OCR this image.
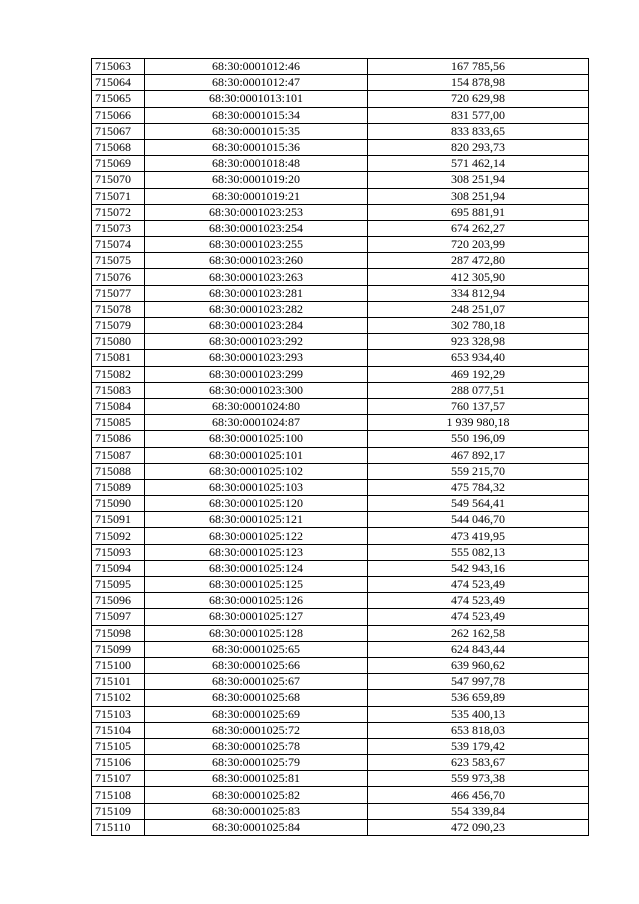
715063	68:30:0001012:46	167 785,56
715064	68:30:0001012:47	154 878,98
715065	68:30:0001013:101	720 629,98
715066	68:30:0001015:34	831 577,00
715067	68:30:0001015:35	833 833,65
715068	68:30:0001015:36	820 293,73
715069	68:30:0001018:48	571 462,14
715070	68:30:0001019:20	308 251,94
715071	68:30:0001019:21	308 251,94
715072	68:30:0001023:253	695 881,91
715073	68:30:0001023:254	674 262,27
715074	68:30:0001023:255	720 203,99
715075	68:30:0001023:260	287 472,80
715076	68:30:0001023:263	412 305,90
715077	68:30:0001023:281	334 812,94
715078	68:30:0001023:282	248 251,07
715079	68:30:0001023:284	302 780,18
715080	68:30:0001023:292	923 328,98
715081	68:30:0001023:293	653 934,40
715082	68:30:0001023:299	469 192,29
715083	68:30:0001023:300	288 077,51
715084	68:30:0001024:80	760 137,57
715085	68:30:0001024:87	1 939 980,18
715086	68:30:0001025:100	550 196,09
715087	68:30:0001025:101	467 892,17
715088	68:30:0001025:102	559 215,70
715089	68:30:0001025:103	475 784,32
715090	68:30:0001025:120	549 564,41
715091	68:30:0001025:121	544 046,70
715092	68:30:0001025:122	473 419,95
715093	68:30:0001025:123	555 082,13
715094	68:30:0001025:124	542 943,16
715095	68:30:0001025:125	474 523,49
715096	68:30:0001025:126	474 523,49
715097	68:30:0001025:127	474 523,49
715098	68:30:0001025:128	262 162,58
715099	68:30:0001025:65	624 843,44
715100	68:30:0001025:66	639 960,62
715101	68:30:0001025:67	547 997,78
715102	68:30:0001025:68	536 659,89
715103	68:30:0001025:69	535 400,13
715104	68:30:0001025:72	653 818,03
715105	68:30:0001025:78	539 179,42
715106	68:30:0001025:79	623 583,67
715107	68:30:0001025:81	559 973,38
715108	68:30:0001025:82	466 456,70
715109	68:30:0001025:83	554 339,84
715110	68:30:0001025:84	472 090,23
